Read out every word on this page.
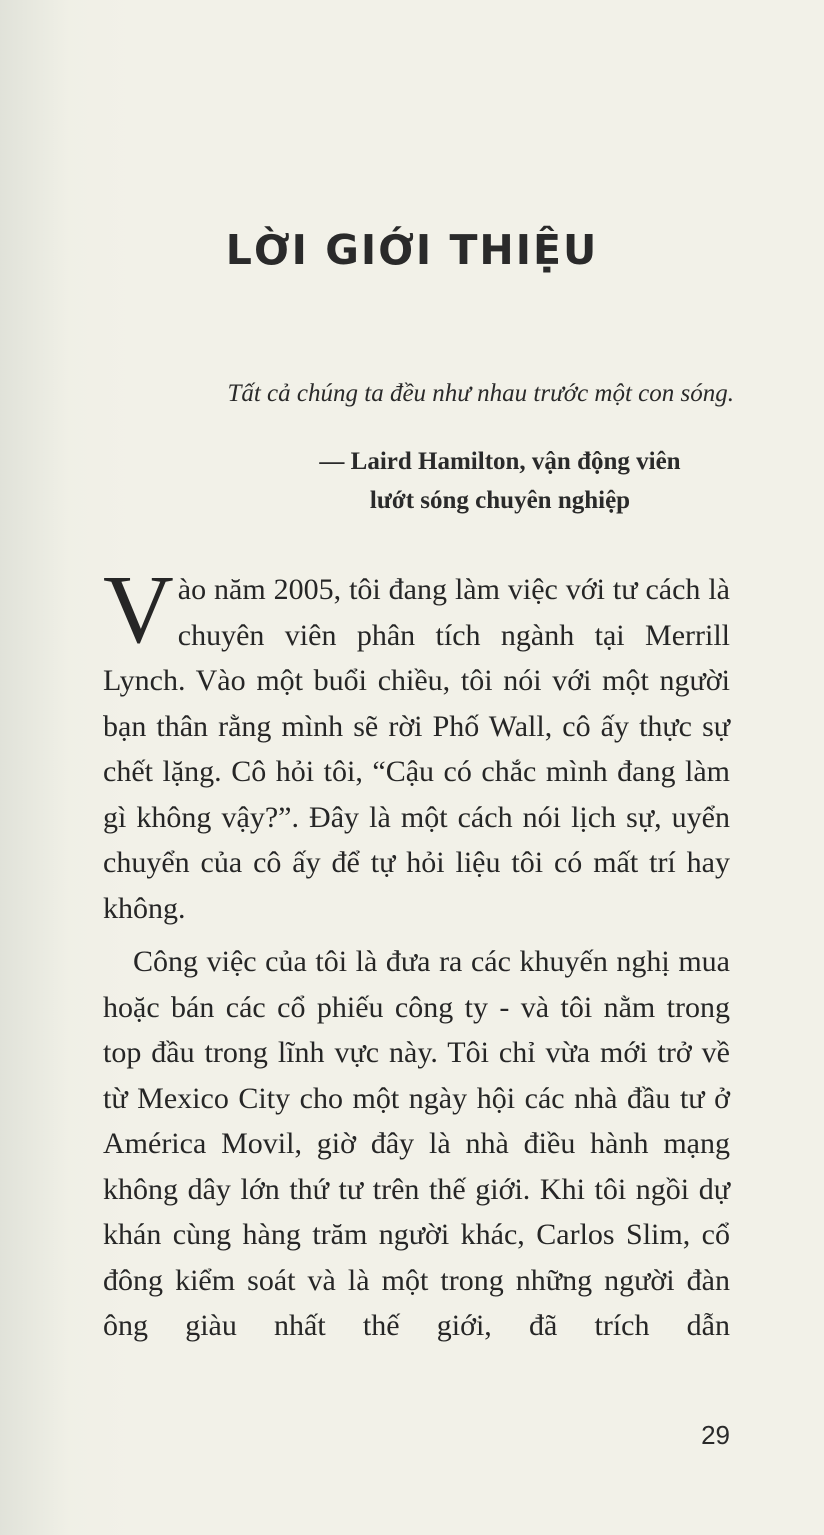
LỜI GIỚI THIỆU

Tất cả chúng ta đều như nhau trước một con sóng.

— Laird Hamilton, vận động viên lướt sóng chuyên nghiệp

Vào năm 2005, tôi đang làm việc với tư cách là chuyên viên phân tích ngành tại Merrill Lynch. Vào một buổi chiều, tôi nói với một người bạn thân rằng mình sẽ rời Phố Wall, cô ấy thực sự chết lặng. Cô hỏi tôi, “Cậu có chắc mình đang làm gì không vậy?”. Đây là một cách nói lịch sự, uyển chuyển của cô ấy để tự hỏi liệu tôi có mất trí hay không.

Công việc của tôi là đưa ra các khuyến nghị mua hoặc bán các cổ phiếu công ty - và tôi nằm trong top đầu trong lĩnh vực này. Tôi chỉ vừa mới trở về từ Mexico City cho một ngày hội các nhà đầu tư ở América Movil, giờ đây là nhà điều hành mạng không dây lớn thứ tư trên thế giới. Khi tôi ngồi dự khán cùng hàng trăm người khác, Carlos Slim, cổ đông kiểm soát và là một trong những người đàn ông giàu nhất thế giới, đã trích dẫn

29
